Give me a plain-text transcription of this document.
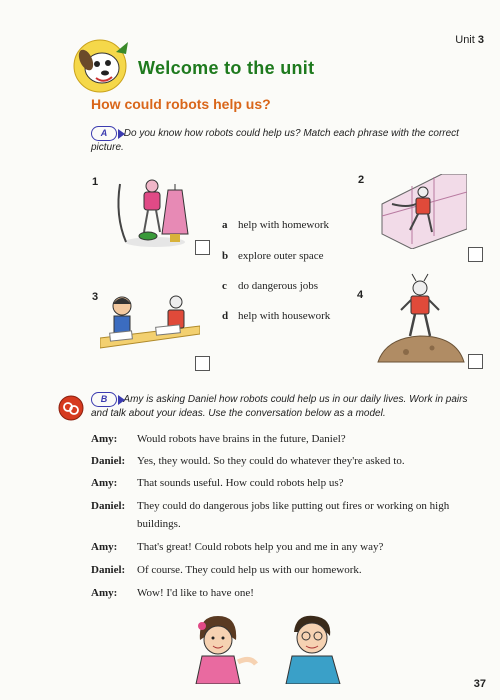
Unit 3
Welcome to the unit
How could robots help us?
A Do you know how robots could help us? Match each phrase with the correct picture.
1	2
3	4
a help with homework
b explore outer space
c do dangerous jobs
d help with housework
B Amy is asking Daniel how robots could help us in our daily lives. Work in pairs and talk about your ideas. Use the conversation below as a model.
Amy: Would robots have brains in the future, Daniel?
Daniel: Yes, they would. So they could do whatever they're asked to.
Amy: That sounds useful. How could robots help us?
Daniel: They could do dangerous jobs like putting out fires or working on high buildings.
Amy: That's great! Could robots help you and me in any way?
Daniel: Of course. They could help us with our homework.
Amy: Wow! I'd like to have one!
37
